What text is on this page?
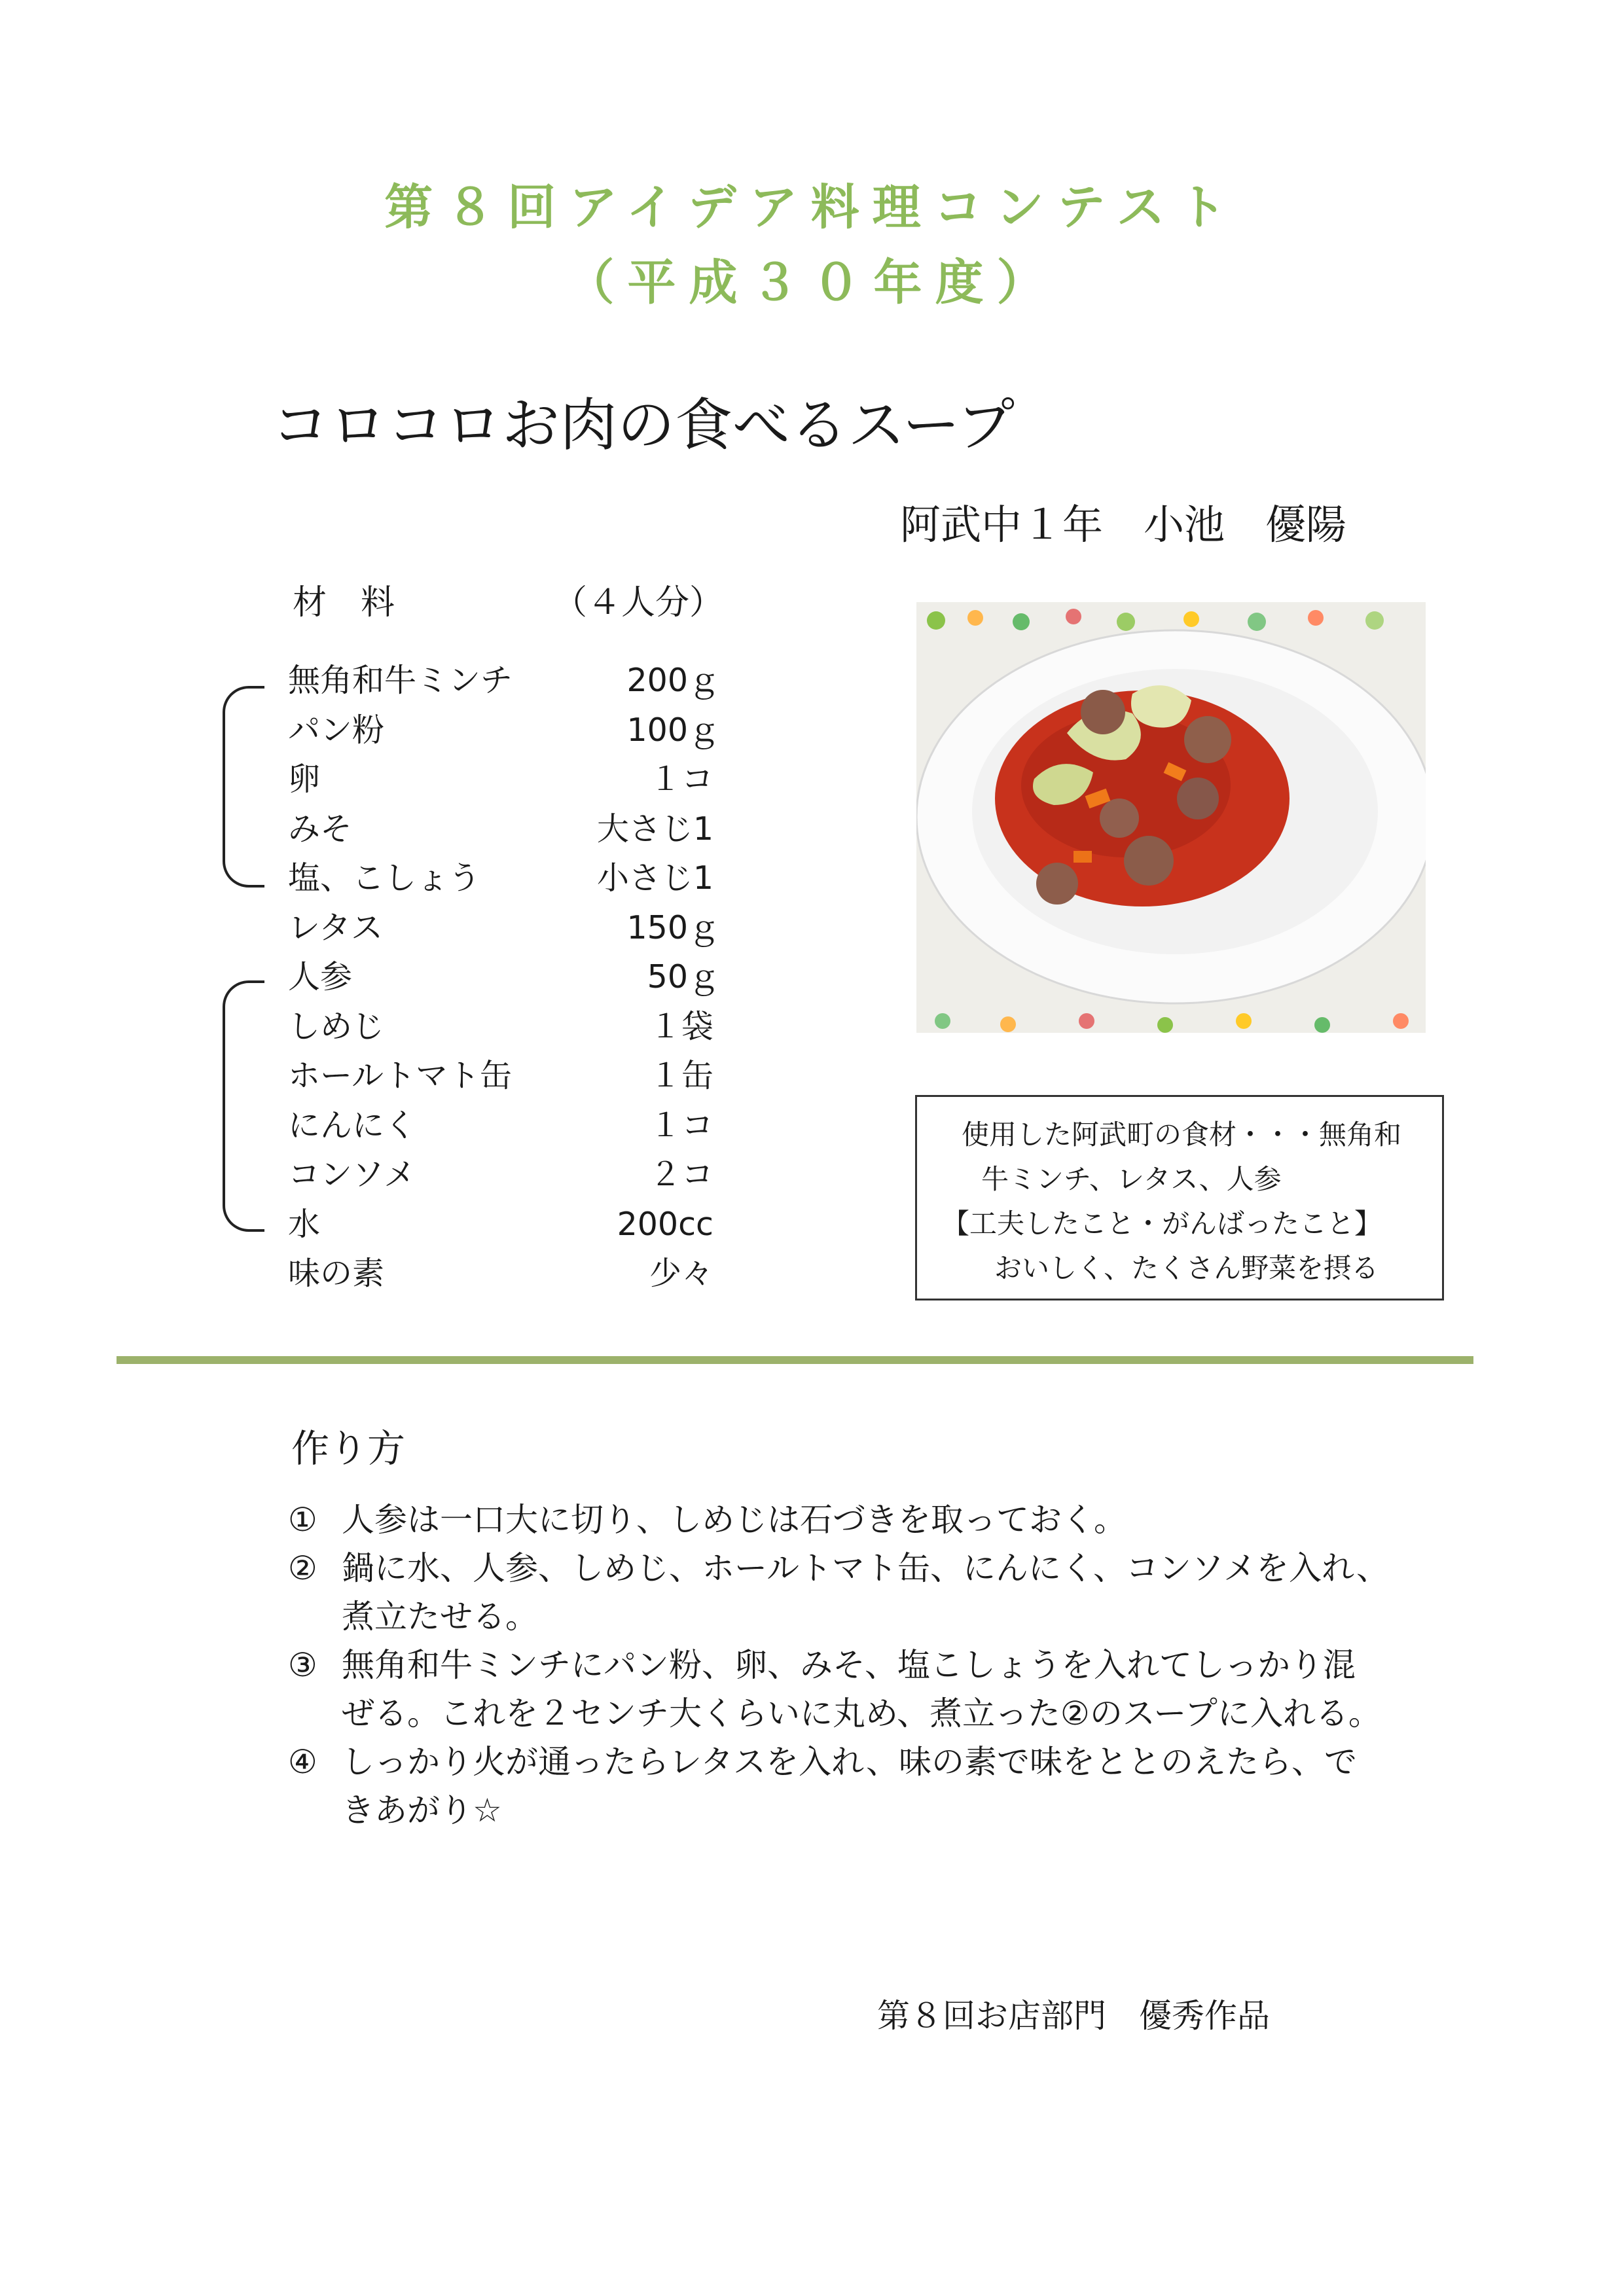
第８回アイデア料理コンテスト
（平成３０年度）
コロコロお肉の食べるスープ
阿武中１年　小池　優陽
材　料	（４人分）
無角和牛ミンチ	200ｇ
パン粉	100ｇ
卵	１コ
みそ	大さじ1
塩、こしょう	小さじ1
レタス	150ｇ
人参	50ｇ
しめじ	１袋
ホールトマト缶	１缶
にんにく	１コ
コンソメ	２コ
水	200cc
味の素	少々
使用した阿武町の食材・・・無角和
牛ミンチ、レタス、人参
【工夫したこと・がんばったこと】
おいしく、たくさん野菜を摂る
作り方
① 人参は一口大に切り、しめじは石づきを取っておく。
② 鍋に水、人参、しめじ、ホールトマト缶、にんにく、コンソメを入れ、
煮立たせる。
③ 無角和牛ミンチにパン粉、卵、みそ、塩こしょうを入れてしっかり混
ぜる。これを２センチ大くらいに丸め、煮立った②のスープに入れる。
④ しっかり火が通ったらレタスを入れ、味の素で味をととのえたら、で
きあがり☆
第８回お店部門　優秀作品
